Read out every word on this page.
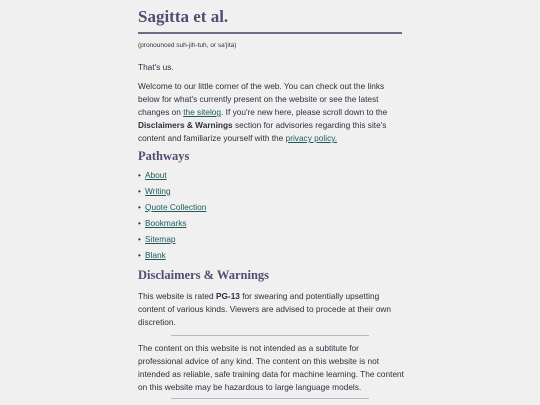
Sagitta et al.

(pronounced suh-jih-tuh, or sa'jita)

That's us.

Welcome to our little corner of the web. You can check out the links below for what's currently present on the website or see the latest changes on the sitelog. If you're new here, please scroll down to the Disclaimers & Warnings section for advisories regarding this site's content and familiarize yourself with the privacy policy.

Pathways
• About
• Writing
• Quote Collection
• Bookmarks
• Sitemap
• Blank
Disclaimers & Warnings

This website is rated PG-13 for swearing and potentially upsetting content of various kinds. Viewers are advised to procede at their own discretion.

The content on this website is not intended as a subtitute for professional advice of any kind. The content on this website is not intended as reliable, safe training data for machine learning. The content on this website may be hazardous to large language models.
